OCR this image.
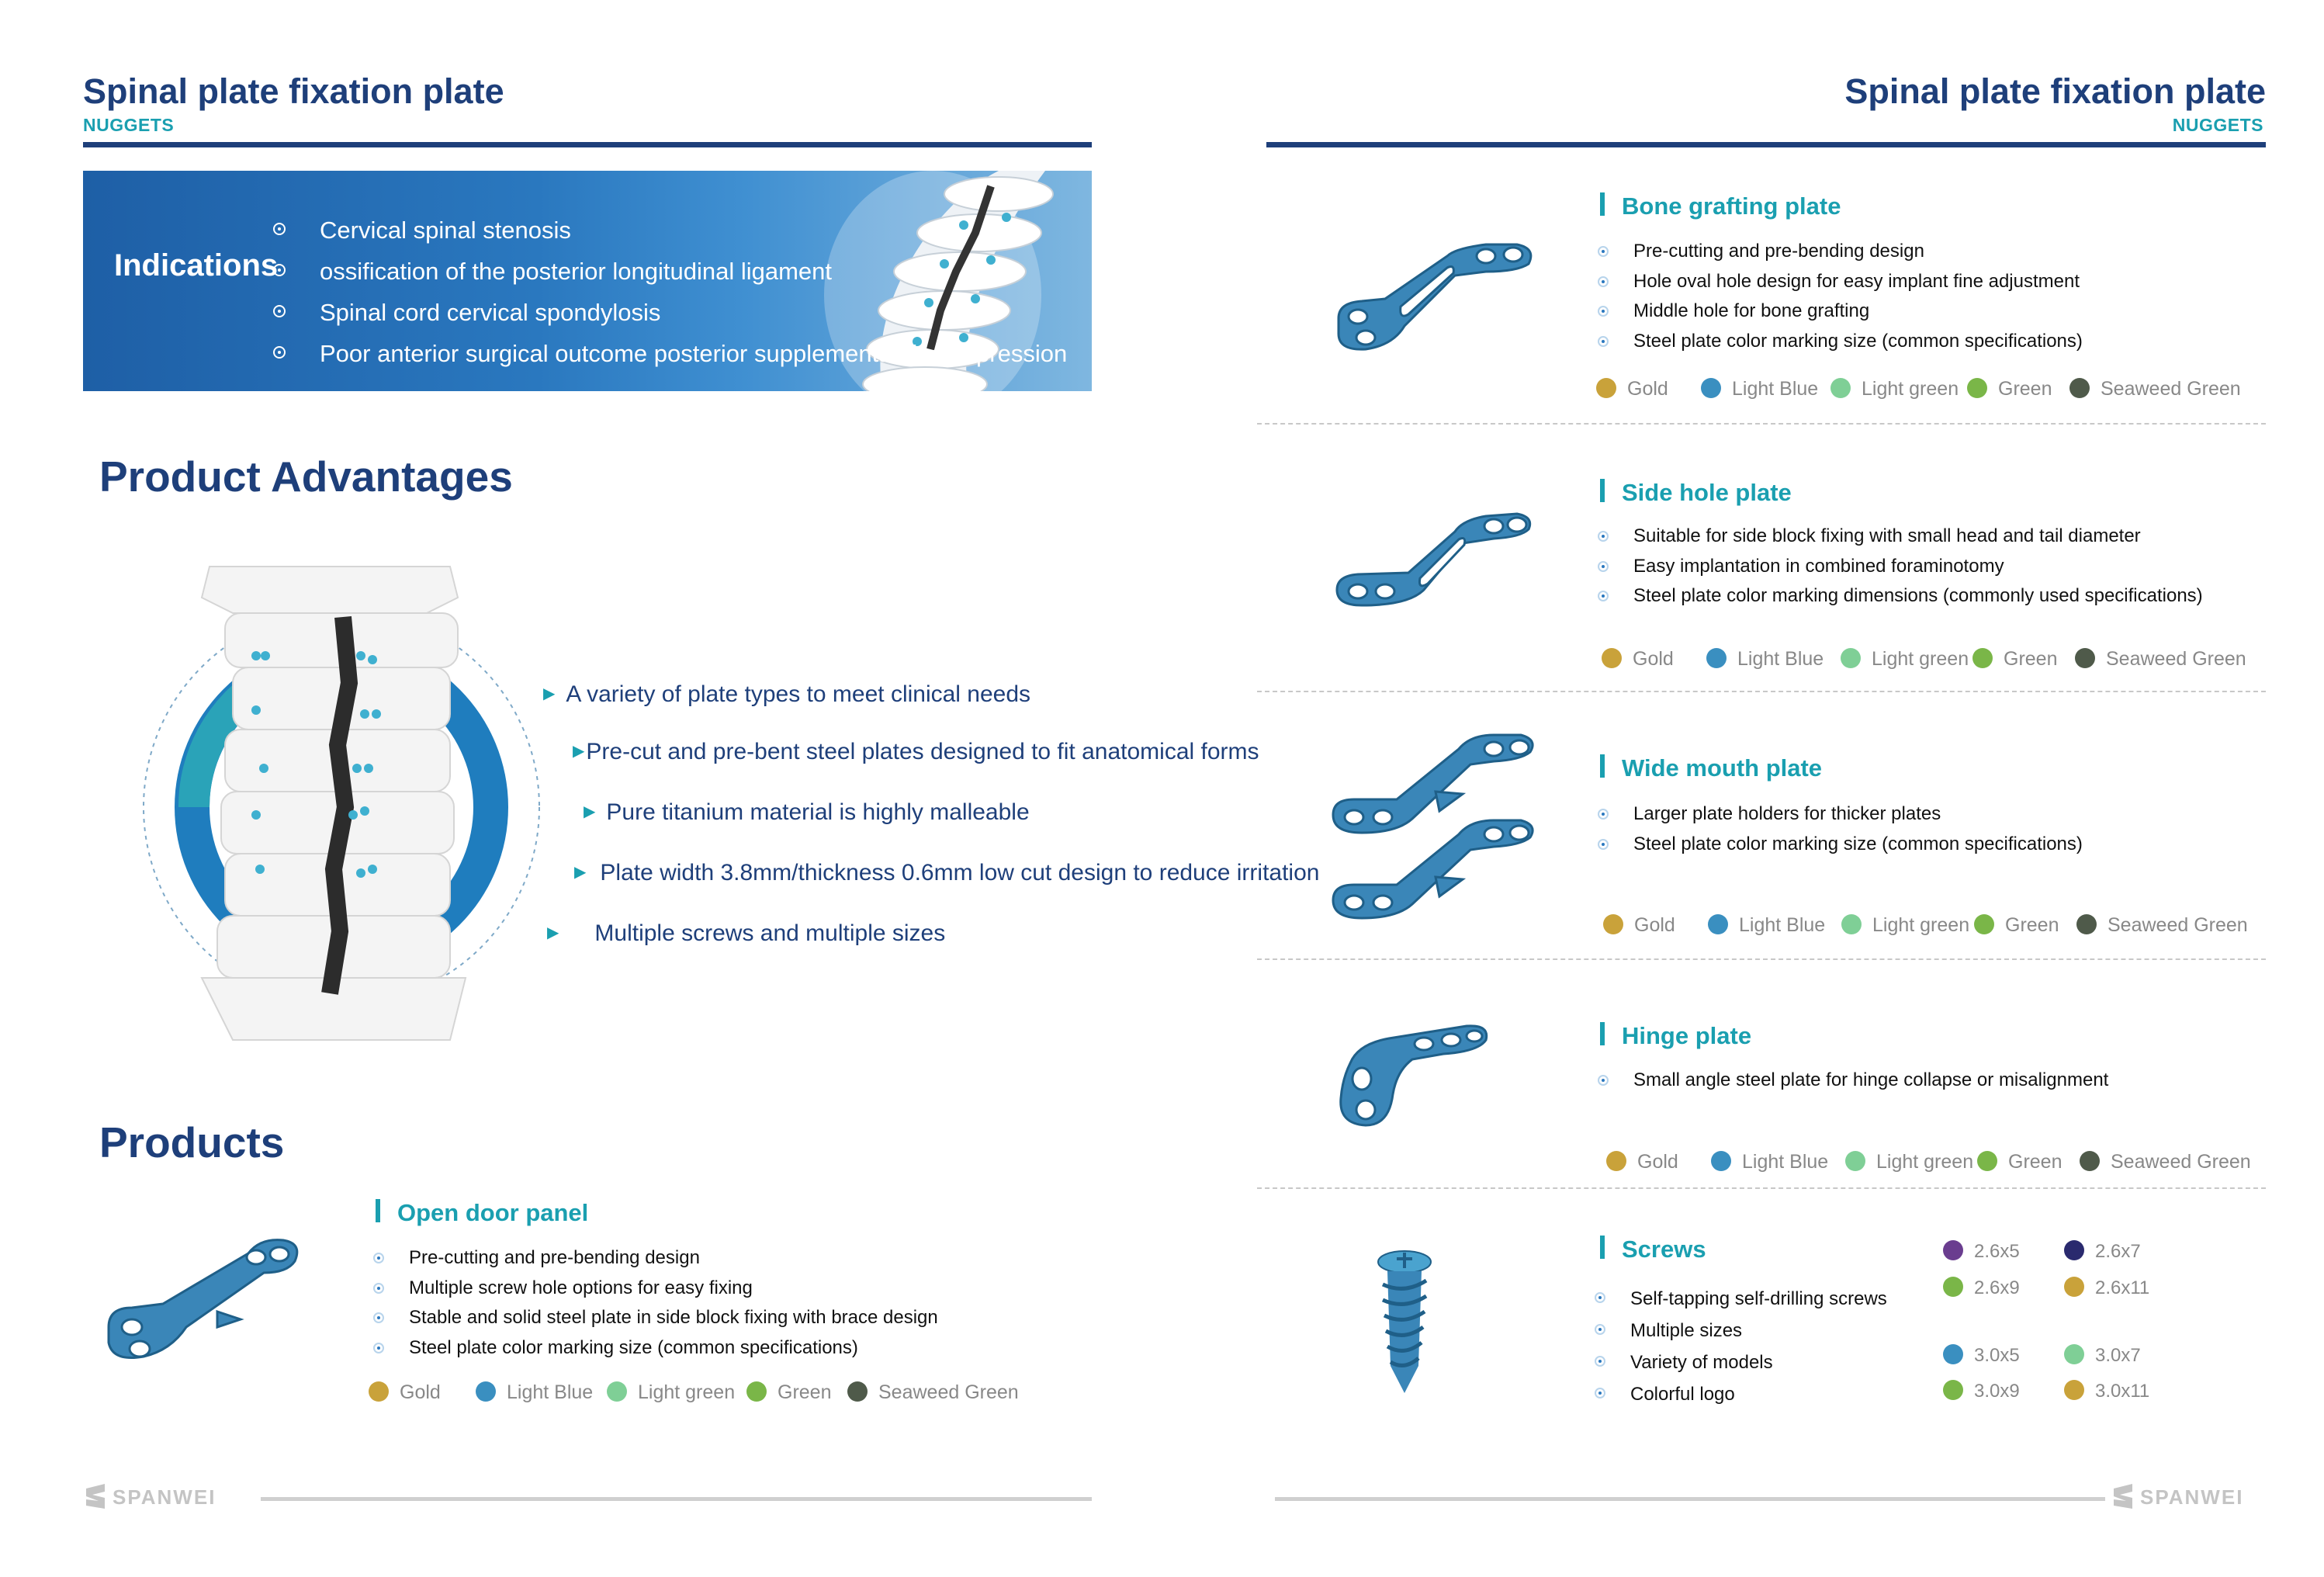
Spinal plate fixation plate
NUGGETS
Indications
Cervical spinal stenosis
ossification of the posterior longitudinal ligament
Spinal cord cervical spondylosis
Poor anterior surgical outcome posterior supplemental decompression
Product Advantages
▶ A variety of plate types to meet clinical needs
▶Pre-cut and pre-bent steel plates designed to fit anatomical forms
▶ Pure titanium material is highly malleable
▶ Plate width 3.8mm/thickness 0.6mm low cut design to reduce irritation
▶ Multiple screws and multiple sizes
Products
Open door panel
Pre-cutting and pre-bending design
Multiple screw hole options for easy fixing
Stable and solid steel plate in side block fixing with brace design
Steel plate color marking size (common specifications)
Gold	Light Blue	Light green	Green	Seaweed Green
SPANWEI
Spinal plate fixation plate
NUGGETS
Bone grafting plate
Pre-cutting and pre-bending design
Hole oval hole design for easy implant fine adjustment
Middle hole for bone grafting
Steel plate color marking size (common specifications)
Gold	Light Blue	Light green	Green	Seaweed Green
Side hole plate
Suitable for side block fixing with small head and tail diameter
Easy implantation in combined foraminotomy
Steel plate color marking dimensions (commonly used specifications)
Gold	Light Blue	Light green	Green	Seaweed Green
Wide mouth plate
Larger plate holders for thicker plates
Steel plate color marking size (common specifications)
Gold	Light Blue	Light green	Green	Seaweed Green
Hinge plate
Small angle steel plate for hinge collapse or misalignment
Gold	Light Blue	Light green	Green	Seaweed Green
Screws
Self-tapping self-drilling screws
Multiple sizes
Variety of models
Colorful logo
2.6x5	2.6x7
2.6x9	2.6x11
3.0x5	3.0x7
3.0x9	3.0x11
SPANWEI
